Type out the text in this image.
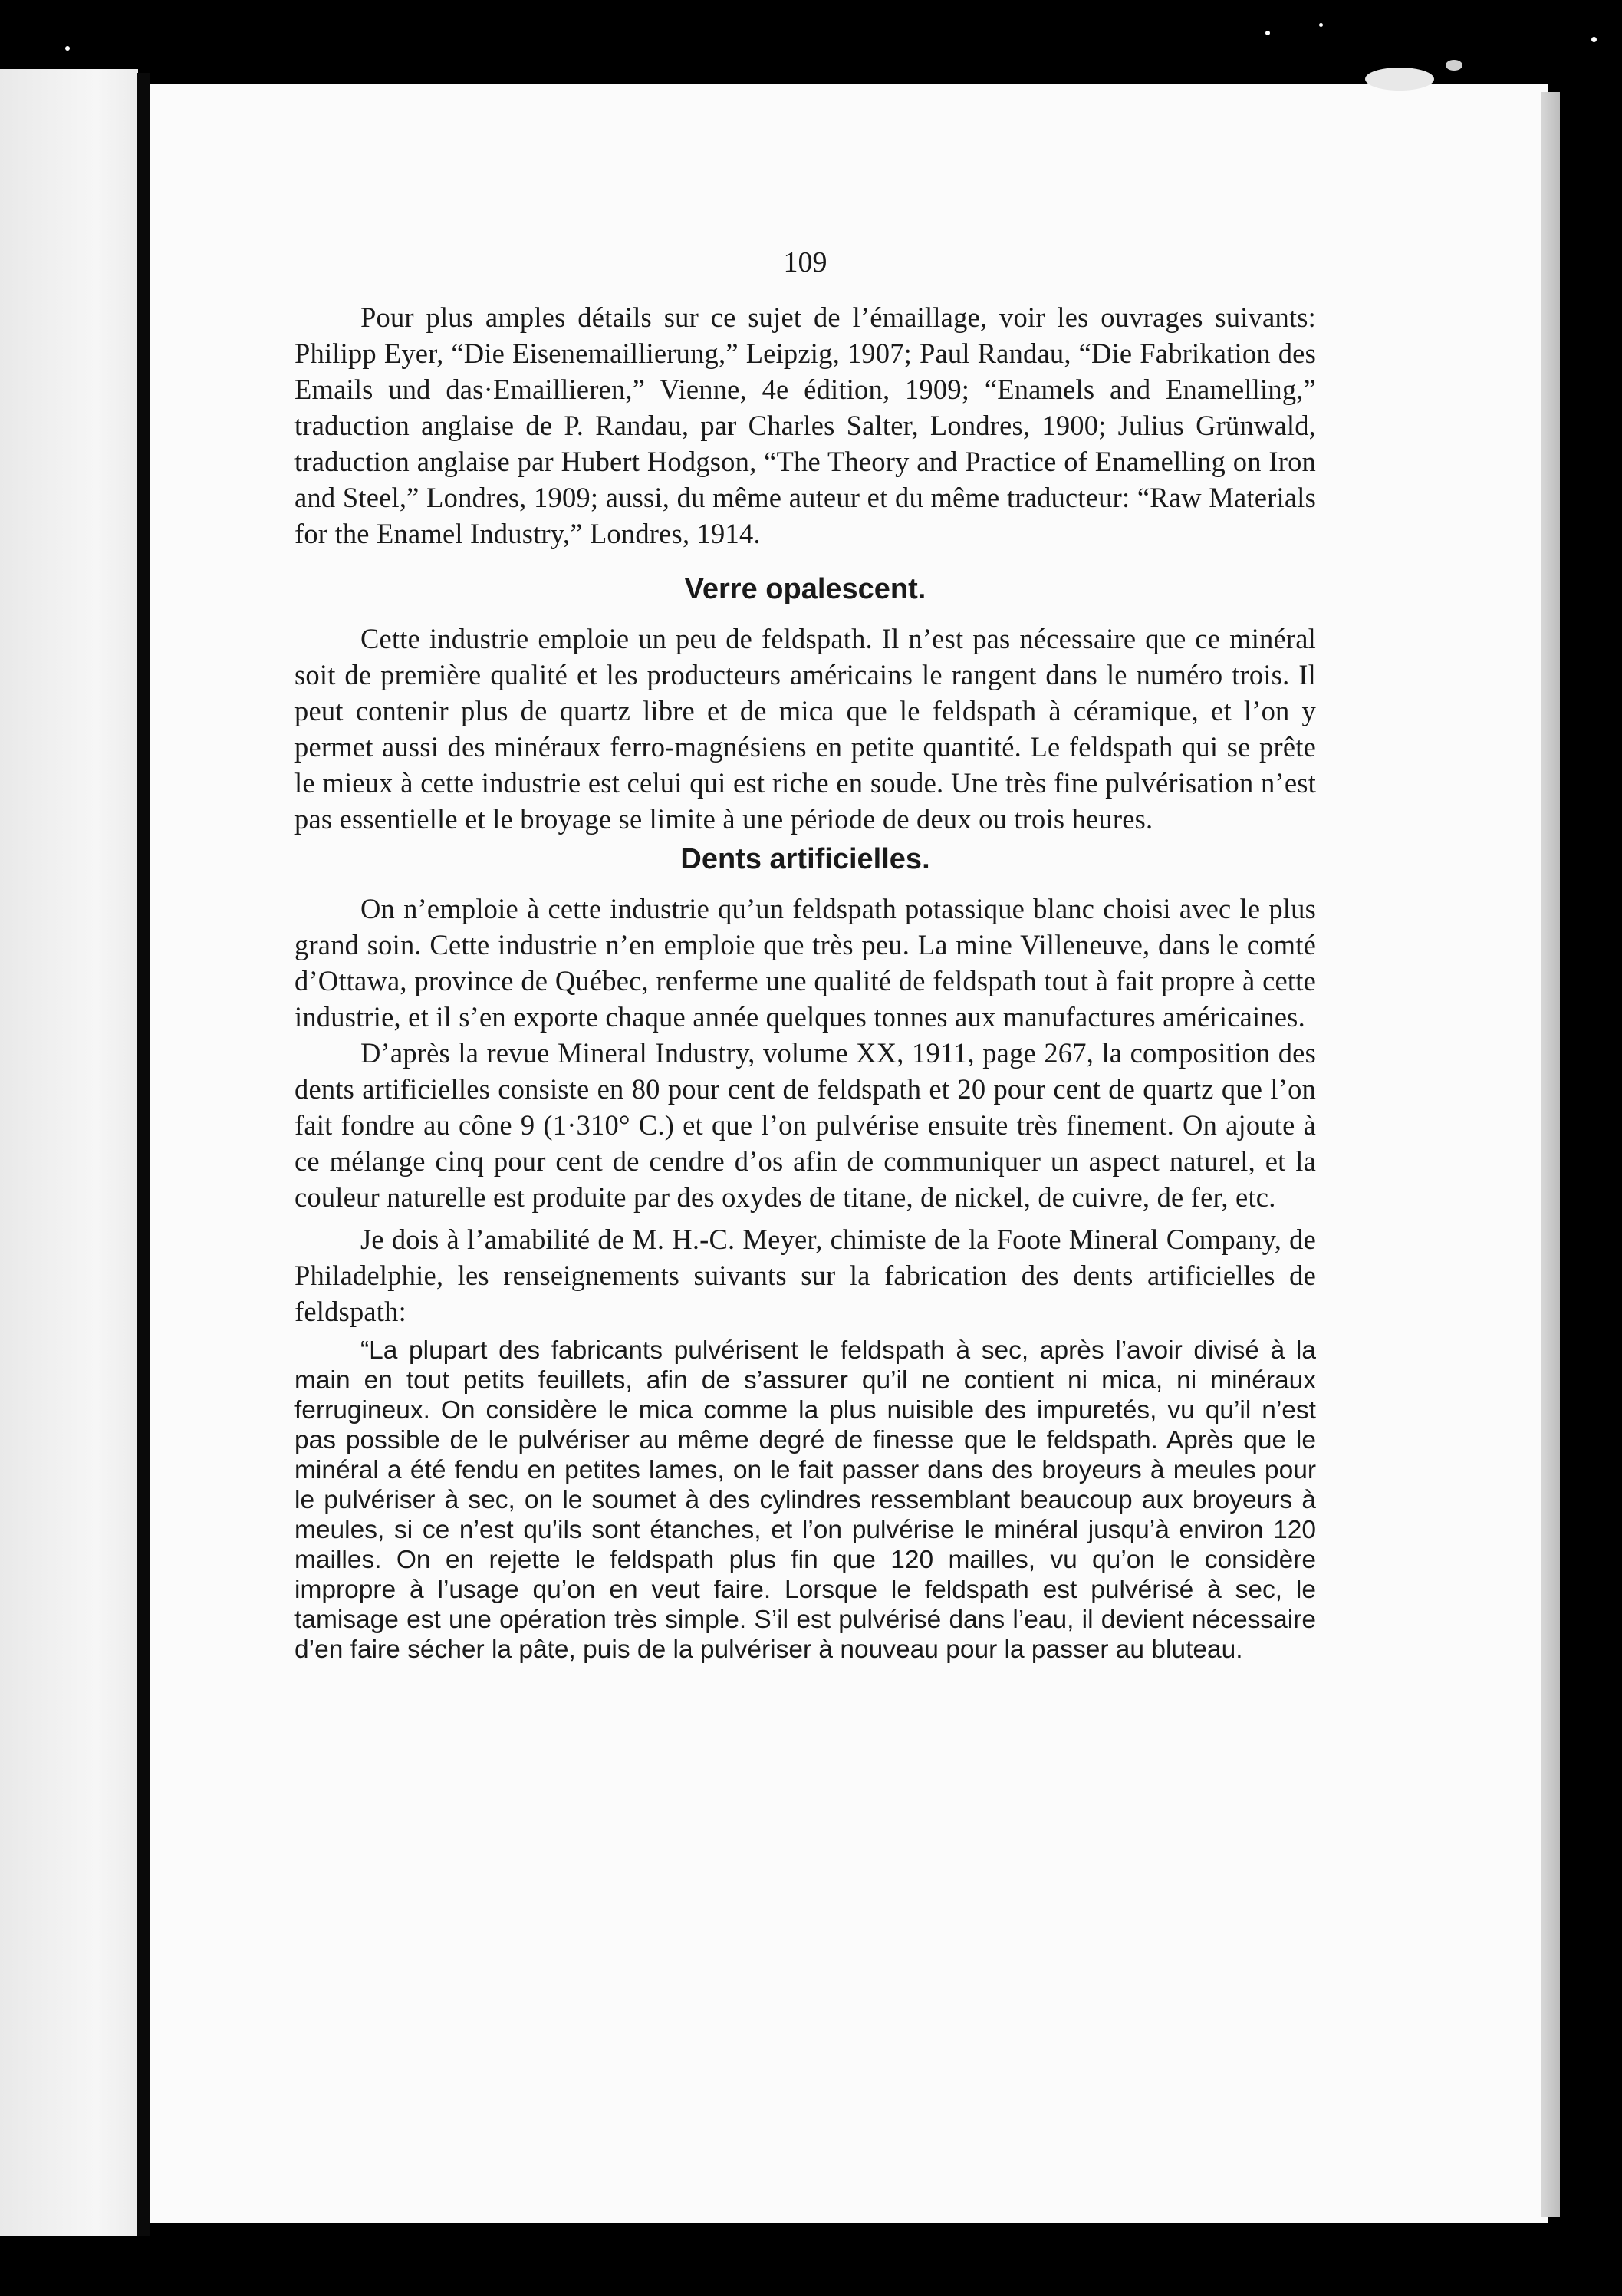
109

Pour plus amples détails sur ce sujet de l’émaillage, voir les ouvrages suivants: Philipp Eyer, “Die Eisenemaillierung,” Leipzig, 1907; Paul Randau, “Die Fabrikation des Emails und das·Emaillieren,” Vienne, 4e édition, 1909; “Enamels and Enamelling,” traduction anglaise de P. Randau, par Charles Salter, Londres, 1900; Julius Grünwald, traduction anglaise par Hubert Hodgson, “The Theory and Practice of Enamelling on Iron and Steel,” Londres, 1909; aussi, du même auteur et du même traducteur: “Raw Materials for the Enamel Industry,” Londres, 1914.

Verre opalescent.

Cette industrie emploie un peu de feldspath. Il n’est pas nécessaire que ce minéral soit de première qualité et les producteurs américains le rangent dans le numéro trois. Il peut contenir plus de quartz libre et de mica que le feldspath à céramique, et l’on y permet aussi des minéraux ferro-magnésiens en petite quantité. Le feldspath qui se prête le mieux à cette industrie est celui qui est riche en soude. Une très fine pulvérisation n’est pas essentielle et le broyage se limite à une période de deux ou trois heures.

Dents artificielles.

On n’emploie à cette industrie qu’un feldspath potassique blanc choisi avec le plus grand soin. Cette industrie n’en emploie que très peu. La mine Villeneuve, dans le comté d’Ottawa, province de Québec, renferme une qualité de feldspath tout à fait propre à cette industrie, et il s’en exporte chaque année quelques tonnes aux manufactures américaines.

D’après la revue Mineral Industry, volume XX, 1911, page 267, la composition des dents artificielles consiste en 80 pour cent de feldspath et 20 pour cent de quartz que l’on fait fondre au cône 9 (1·310° C.) et que l’on pulvérise ensuite très finement. On ajoute à ce mélange cinq pour cent de cendre d’os afin de communiquer un aspect naturel, et la couleur naturelle est produite par des oxydes de titane, de nickel, de cuivre, de fer, etc.

Je dois à l’amabilité de M. H.-C. Meyer, chimiste de la Foote Mineral Company, de Philadelphie, les renseignements suivants sur la fabrication des dents artificielles de feldspath:

“La plupart des fabricants pulvérisent le feldspath à sec, après l’avoir divisé à la main en tout petits feuillets, afin de s’assurer qu’il ne contient ni mica, ni minéraux ferrugineux. On considère le mica comme la plus nuisible des impuretés, vu qu’il n’est pas possible de le pulvériser au même degré de finesse que le feldspath. Après que le minéral a été fendu en petites lames, on le fait passer dans des broyeurs à meules pour le pulvériser à sec, on le soumet à des cylindres ressemblant beaucoup aux broyeurs à meules, si ce n’est qu’ils sont étanches, et l’on pulvérise le minéral jusqu’à environ 120 mailles. On en rejette le feldspath plus fin que 120 mailles, vu qu’on le considère impropre à l’usage qu’on en veut faire. Lorsque le feldspath est pulvérisé à sec, le tamisage est une opération très simple. S’il est pulvérisé dans l’eau, il devient nécessaire d’en faire sécher la pâte, puis de la pulvériser à nouveau pour la passer au bluteau.
